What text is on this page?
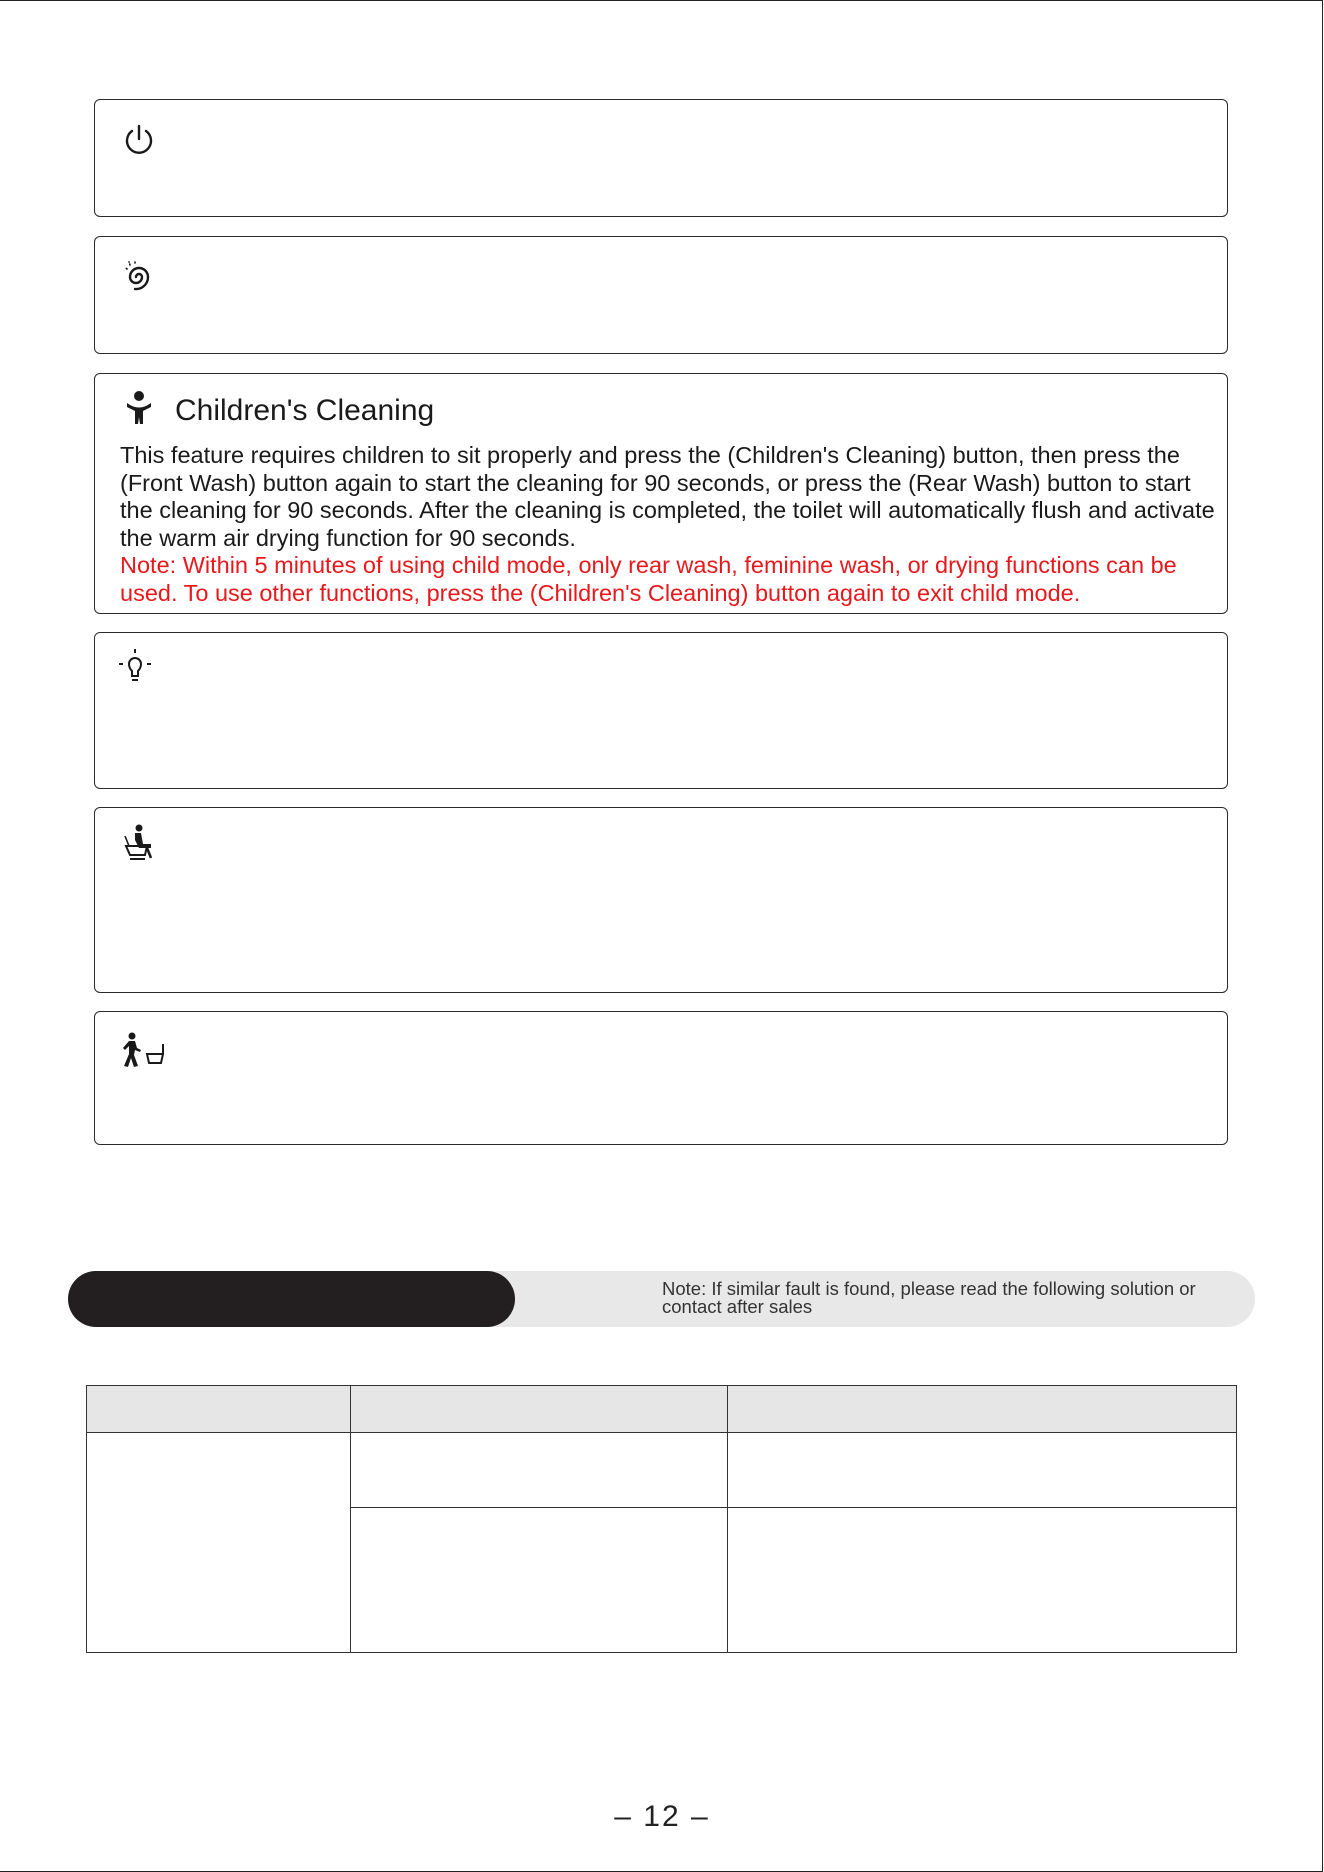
Children's Cleaning
This feature requires children to sit properly and press the (Children's Cleaning) button, then press the (Front Wash) button again to start the cleaning for 90 seconds, or press the (Rear Wash) button to start the cleaning for 90 seconds. After the cleaning is completed, the toilet will automatically flush and activate the warm air drying function for 90 seconds.
Note: Within 5 minutes of using child mode, only rear wash, feminine wash, or drying functions can be used. To use other functions, press the (Children's Cleaning) button again to exit child mode.
Note: If similar fault is found, please read the following solution or contact after sales

– 12 –
